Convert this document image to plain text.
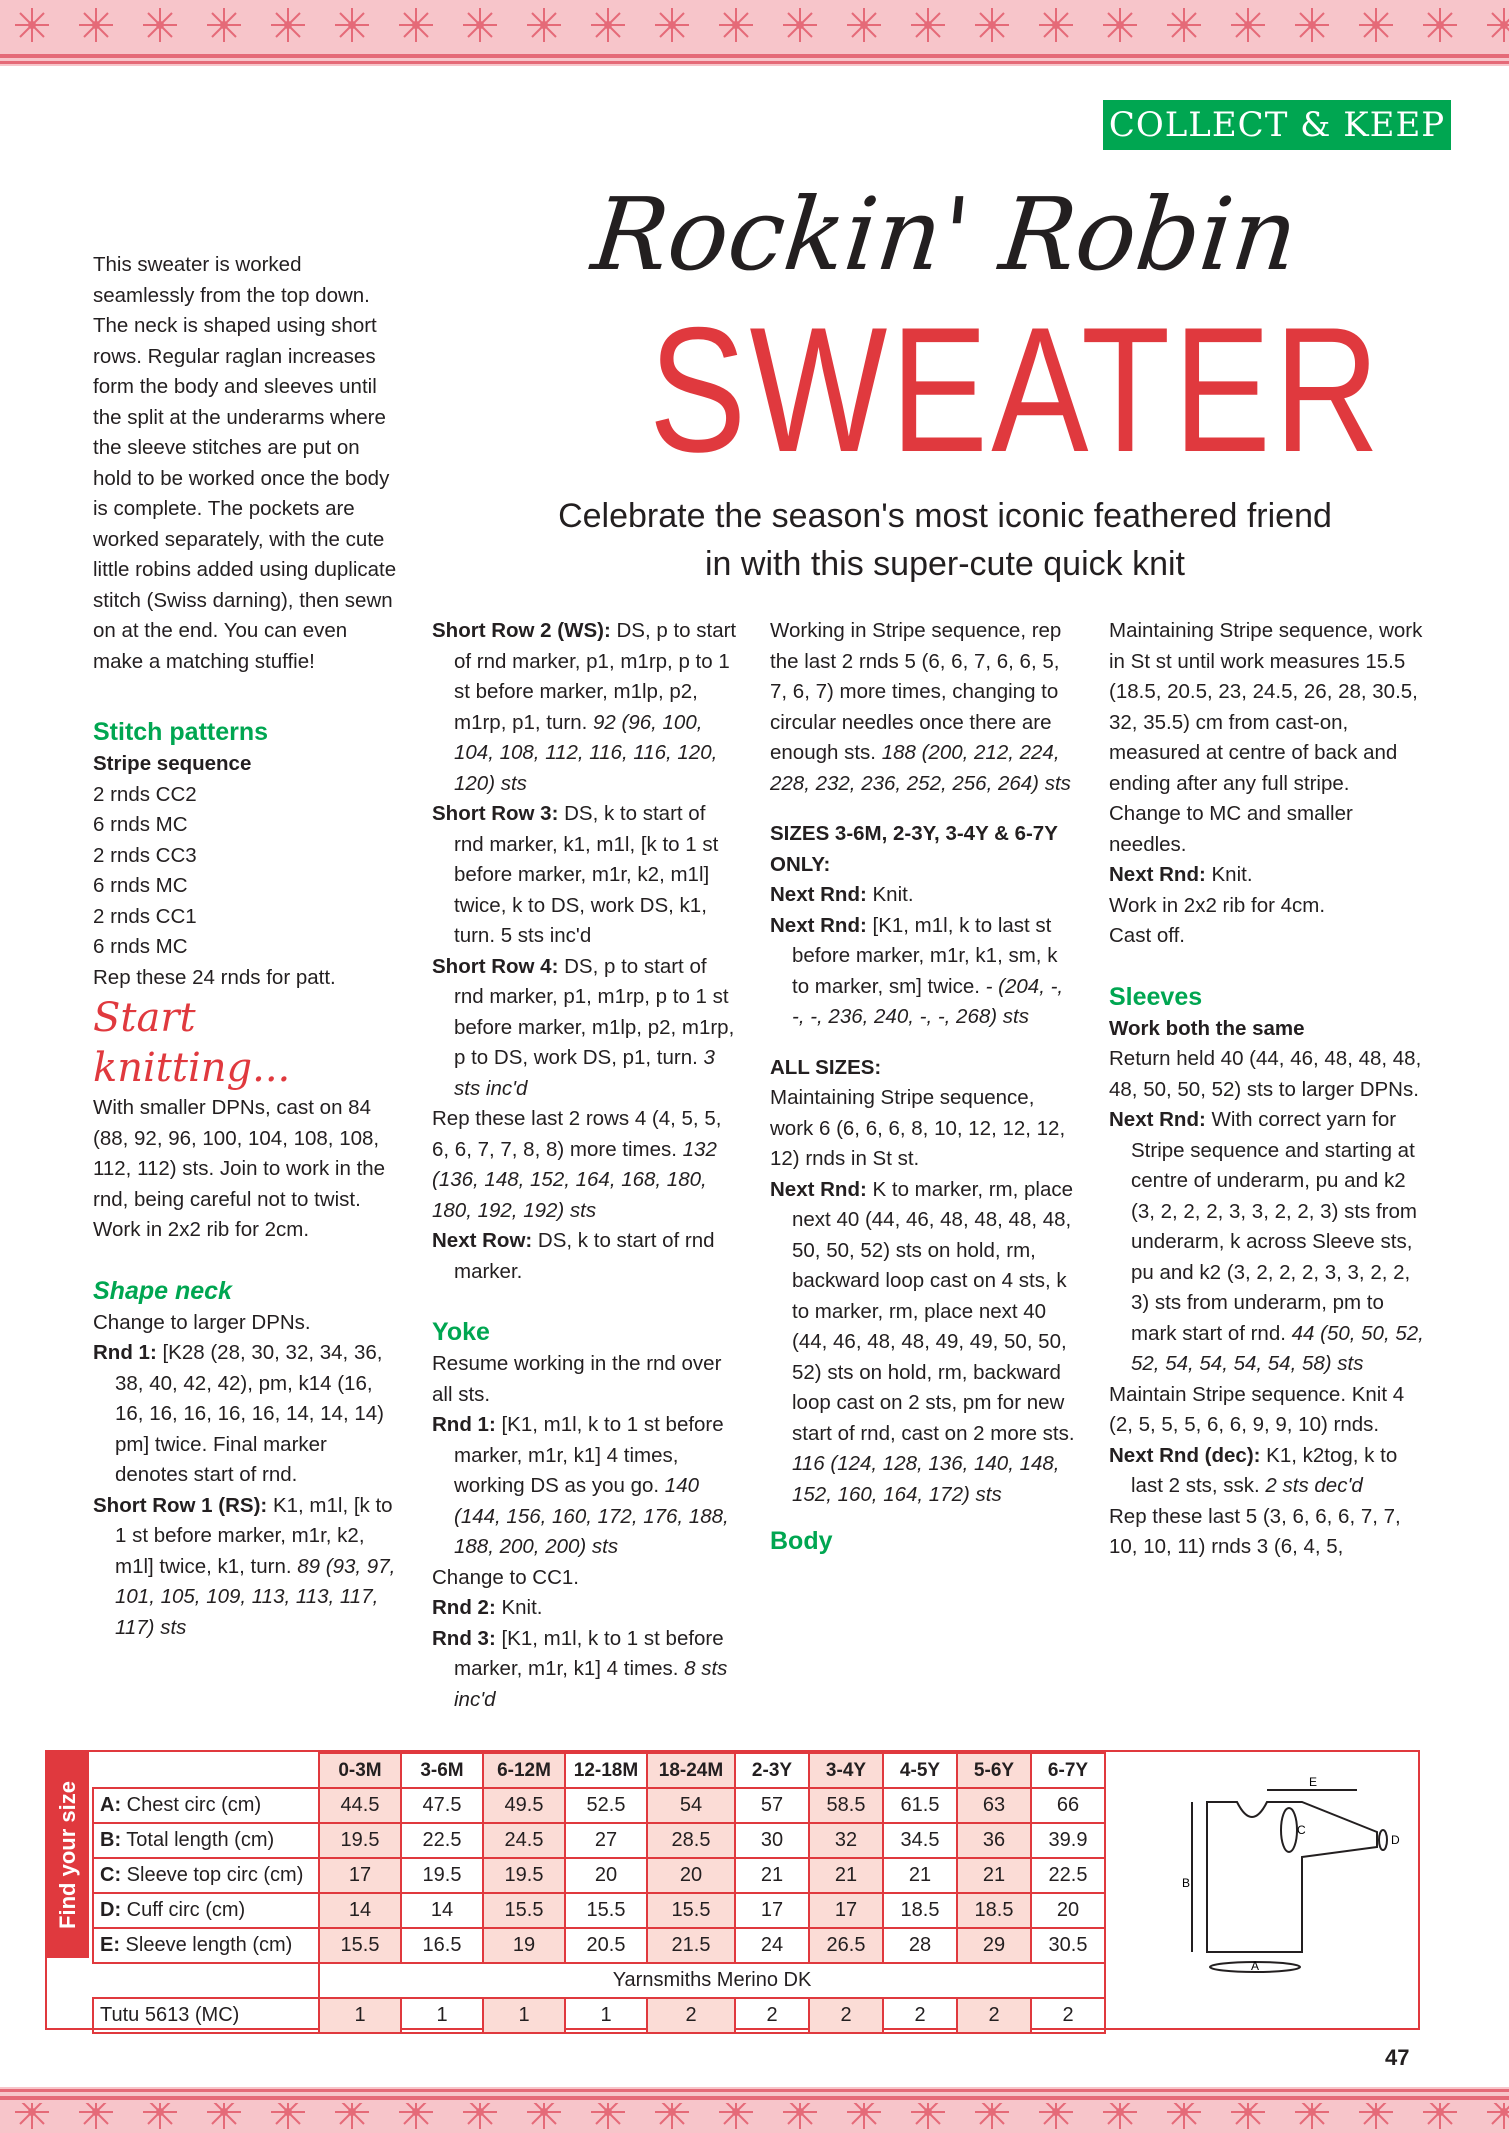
COLLECT & KEEP
Rockin' Robin
SWEATER
Celebrate the season's most iconic feathered friend
in with this super-cute quick knit

This sweater is worked seamlessly from the top down. The neck is shaped using short rows. Regular raglan increases form the body and sleeves until the split at the underarms where the sleeve stitches are put on hold to be worked once the body is complete. The pockets are worked separately, with the cute little robins added using duplicate stitch (Swiss darning), then sewn on at the end. You can even make a matching stuffie!

Stitch patterns

Stripe sequence

2 rnds CC2

6 rnds MC

2 rnds CC3

6 rnds MC

2 rnds CC1

6 rnds MC

Rep these 24 rnds for patt.

Start knitting...

With smaller DPNs, cast on 84 (88, 92, 96, 100, 104, 108, 108, 112, 112) sts. Join to work in the rnd, being careful not to twist.

Work in 2x2 rib for 2cm.

Shape neck

Change to larger DPNs.

Rnd 1: [K28 (28, 30, 32, 34, 36, 38, 40, 42, 42), pm, k14 (16, 16, 16, 16, 16, 16, 14, 14, 14) pm] twice. Final marker denotes start of rnd.

Short Row 1 (RS): K1, m1l, [k to 1 st before marker, m1r, k2, m1l] twice, k1, turn. 89 (93, 97, 101, 105, 109, 113, 113, 117, 117) sts

Short Row 2 (WS): DS, p to start of rnd marker, p1, m1rp, p to 1 st before marker, m1lp, p2, m1rp, p1, turn. 92 (96, 100, 104, 108, 112, 116, 116, 120, 120) sts

Short Row 3: DS, k to start of rnd marker, k1, m1l, [k to 1 st before marker, m1r, k2, m1l] twice, k to DS, work DS, k1, turn. 5 sts inc'd

Short Row 4: DS, p to start of rnd marker, p1, m1rp, p to 1 st before marker, m1lp, p2, m1rp, p to DS, work DS, p1, turn. 3 sts inc'd

Rep these last 2 rows 4 (4, 5, 5, 6, 6, 7, 7, 8, 8) more times. 132 (136, 148, 152, 164, 168, 180, 180, 192, 192) sts

Next Row: DS, k to start of rnd marker.

Yoke

Resume working in the rnd over all sts.

Rnd 1: [K1, m1l, k to 1 st before marker, m1r, k1] 4 times, working DS as you go. 140 (144, 156, 160, 172, 176, 188, 188, 200, 200) sts

Change to CC1.

Rnd 2: Knit.

Rnd 3: [K1, m1l, k to 1 st before marker, m1r, k1] 4 times. 8 sts inc'd

Working in Stripe sequence, rep the last 2 rnds 5 (6, 6, 7, 6, 6, 5, 7, 6, 7) more times, changing to circular needles once there are enough sts. 188 (200, 212, 224, 228, 232, 236, 252, 256, 264) sts

SIZES 3-6M, 2-3Y, 3-4Y & 6-7Y ONLY:

Next Rnd: Knit.

Next Rnd: [K1, m1l, k to last st before marker, m1r, k1, sm, k to marker, sm] twice. - (204, -, -, -, 236, 240, -, -, 268) sts

ALL SIZES:

Maintaining Stripe sequence, work 6 (6, 6, 6, 8, 10, 12, 12, 12, 12) rnds in St st.

Next Rnd: K to marker, rm, place next 40 (44, 46, 48, 48, 48, 48, 50, 50, 52) sts on hold, rm, backward loop cast on 4 sts, k to marker, rm, place next 40 (44, 46, 48, 48, 49, 49, 50, 50, 52) sts on hold, rm, backward loop cast on 2 sts, pm for new start of rnd, cast on 2 more sts. 116 (124, 128, 136, 140, 148, 152, 160, 164, 172) sts

Body

Maintaining Stripe sequence, work in St st until work measures 15.5 (18.5, 20.5, 23, 24.5, 26, 28, 30.5, 32, 35.5) cm from cast-on, measured at centre of back and ending after any full stripe.

Change to MC and smaller needles.

Next Rnd: Knit.

Work in 2x2 rib for 4cm.

Cast off.

Sleeves

Work both the same

Return held 40 (44, 46, 48, 48, 48, 48, 50, 50, 52) sts to larger DPNs.

Next Rnd: With correct yarn for Stripe sequence and starting at centre of underarm, pu and k2 (3, 2, 2, 2, 3, 3, 2, 2, 3) sts from underarm, k across Sleeve sts, pu and k2 (3, 2, 2, 2, 3, 3, 2, 2, 3) sts from underarm, pm to mark start of rnd. 44 (50, 50, 52, 52, 54, 54, 54, 54, 58) sts

Maintain Stripe sequence. Knit 4 (2, 5, 5, 5, 6, 6, 9, 9, 10) rnds.

Next Rnd (dec): K1, k2tog, k to last 2 sts, ssk. 2 sts dec'd

Rep these last 5 (3, 6, 6, 6, 7, 7, 10, 10, 11) rnds 3 (6, 4, 5,

Find your size
	0-3M	3-6M	6-12M	12-18M	18-24M	2-3Y	3-4Y	4-5Y	5-6Y	6-7Y
A: Chest circ (cm)	44.5	47.5	49.5	52.5	54	57	58.5	61.5	63	66
B: Total length (cm)	19.5	22.5	24.5	27	28.5	30	32	34.5	36	39.9
C: Sleeve top circ (cm)	17	19.5	19.5	20	20	21	21	21	21	22.5
D: Cuff circ (cm)	14	14	15.5	15.5	15.5	17	17	18.5	18.5	20
E: Sleeve length (cm)	15.5	16.5	19	20.5	21.5	24	26.5	28	29	30.5
	Yarnsmiths Merino DK									
Tutu 5613 (MC)	1	1	1	1	2	2	2	2	2	2
B
A
C
D
E
47
